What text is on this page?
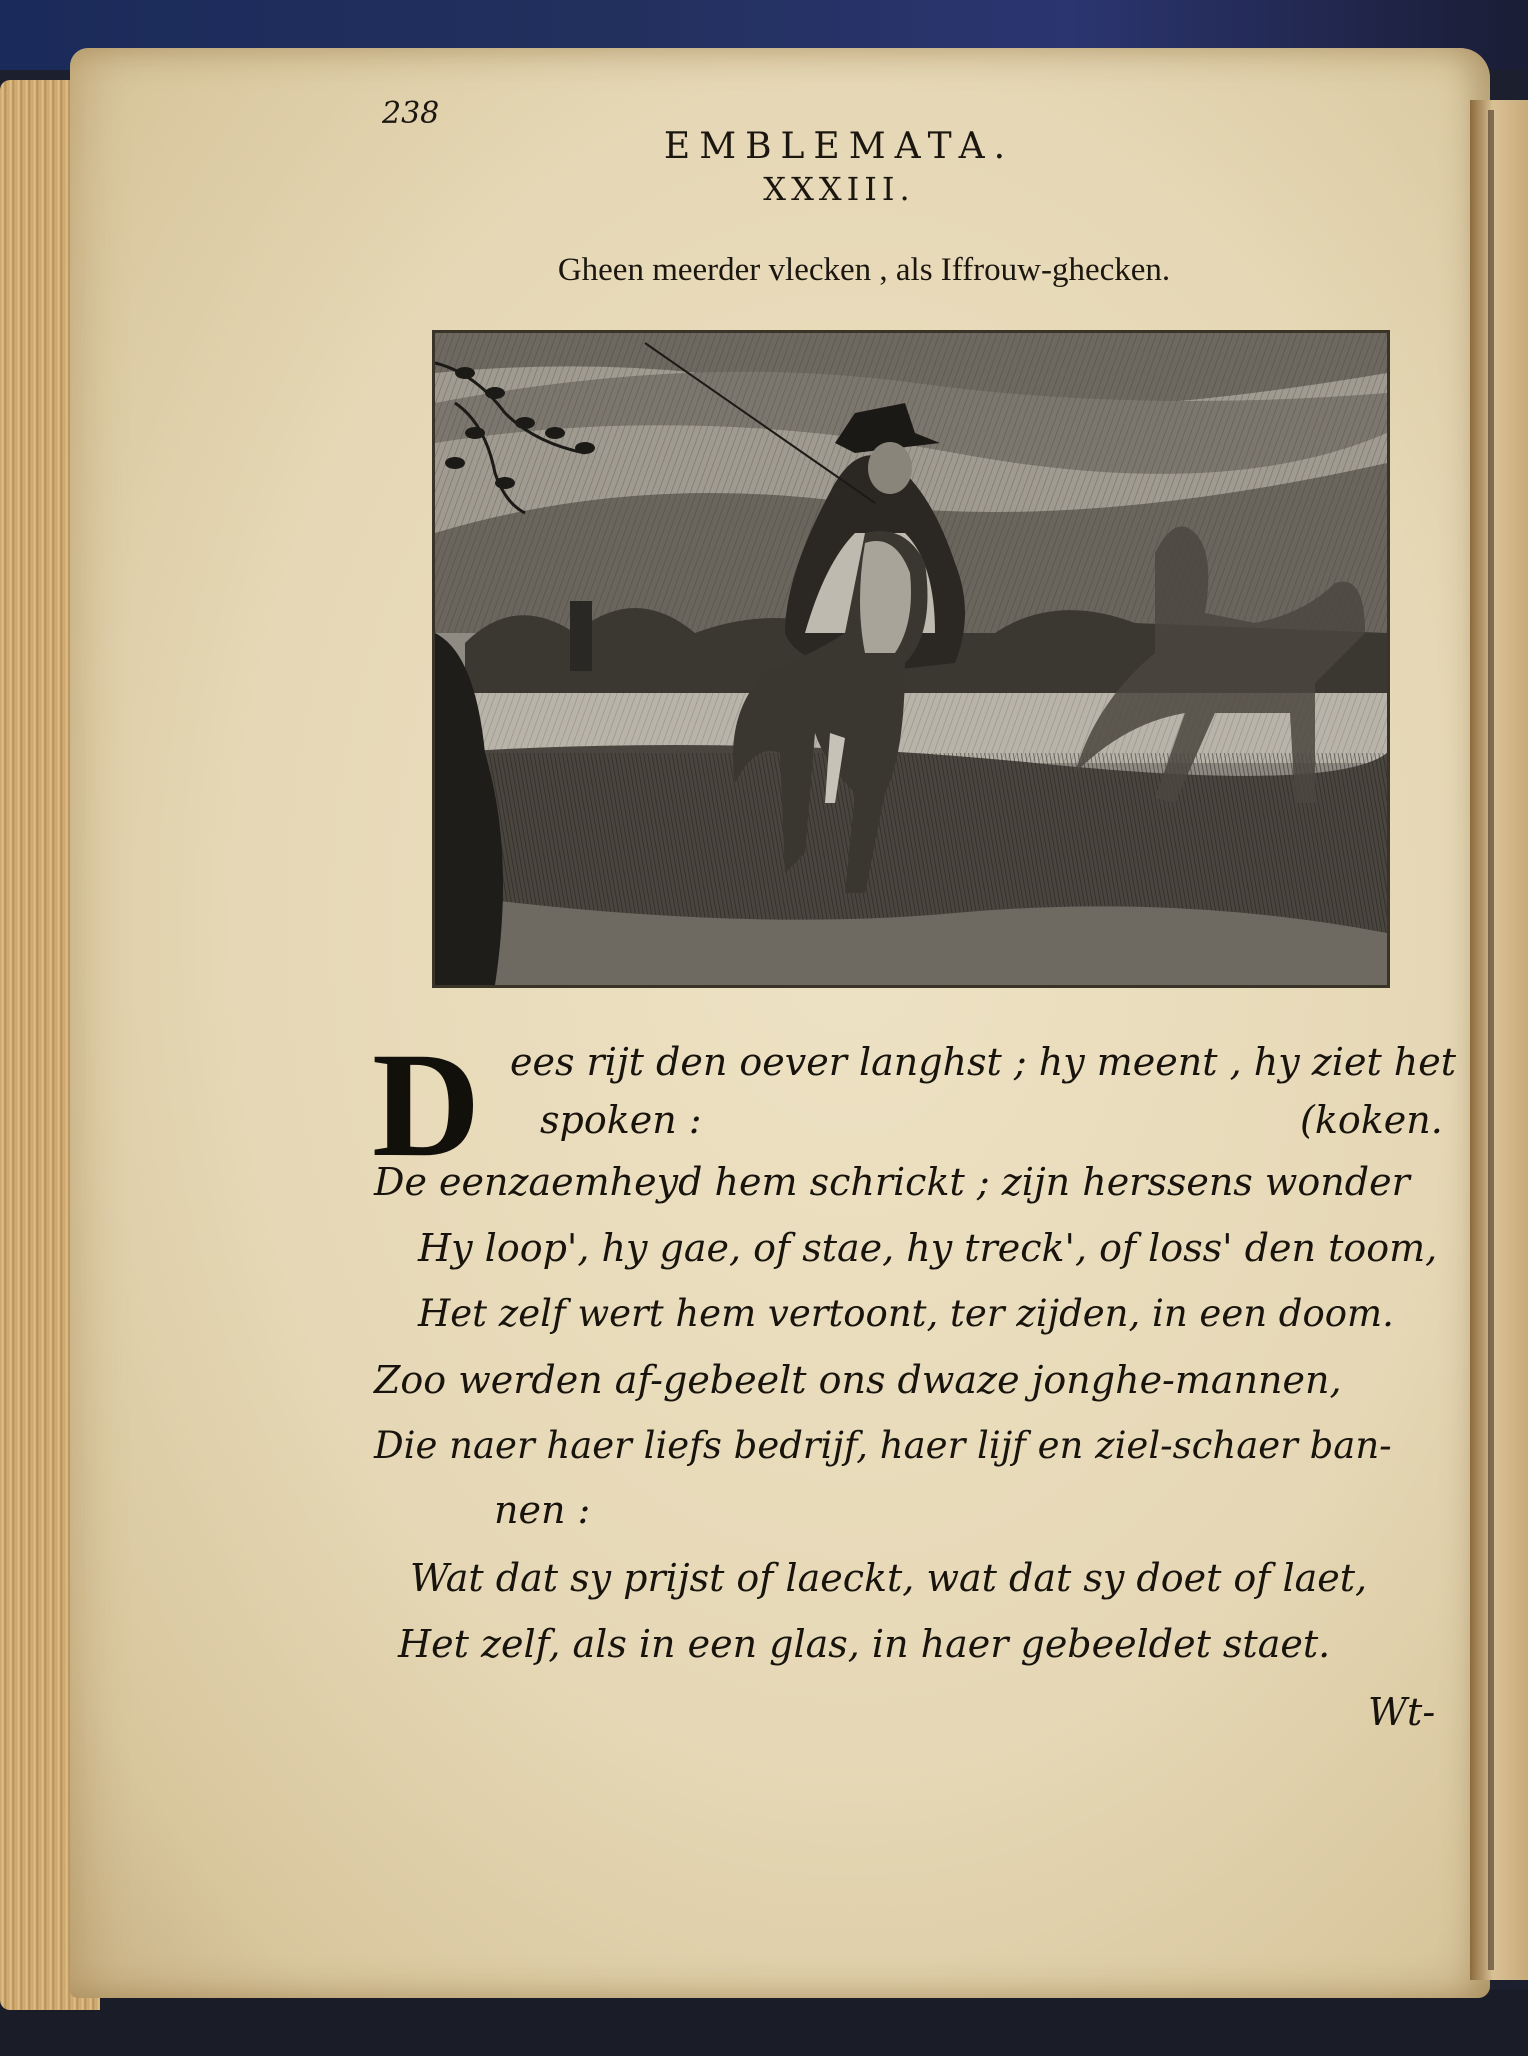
238
EMBLEMATA.
XXXIII.
Gheen meerder vlecken , als Iffrouw-ghecken.
D ees rijt den oever langhst ; hy meent , hy ziet het
spoken :	(koken.
De eenzaemheyd hem schrickt ; zijn herssens wonder
Hy loop', hy gae, of stae, hy treck', of loss' den toom,
Het zelf wert hem vertoont, ter zijden, in een doom.
Zoo werden af-gebeelt ons dwaze jonghe-mannen,
Die naer haer liefs bedrijf, haer lijf en ziel-schaer ban-
nen :
Wat dat sy prijst of laeckt, wat dat sy doet of laet,
Het zelf, als in een glas, in haer gebeeldet staet.
Wt-
